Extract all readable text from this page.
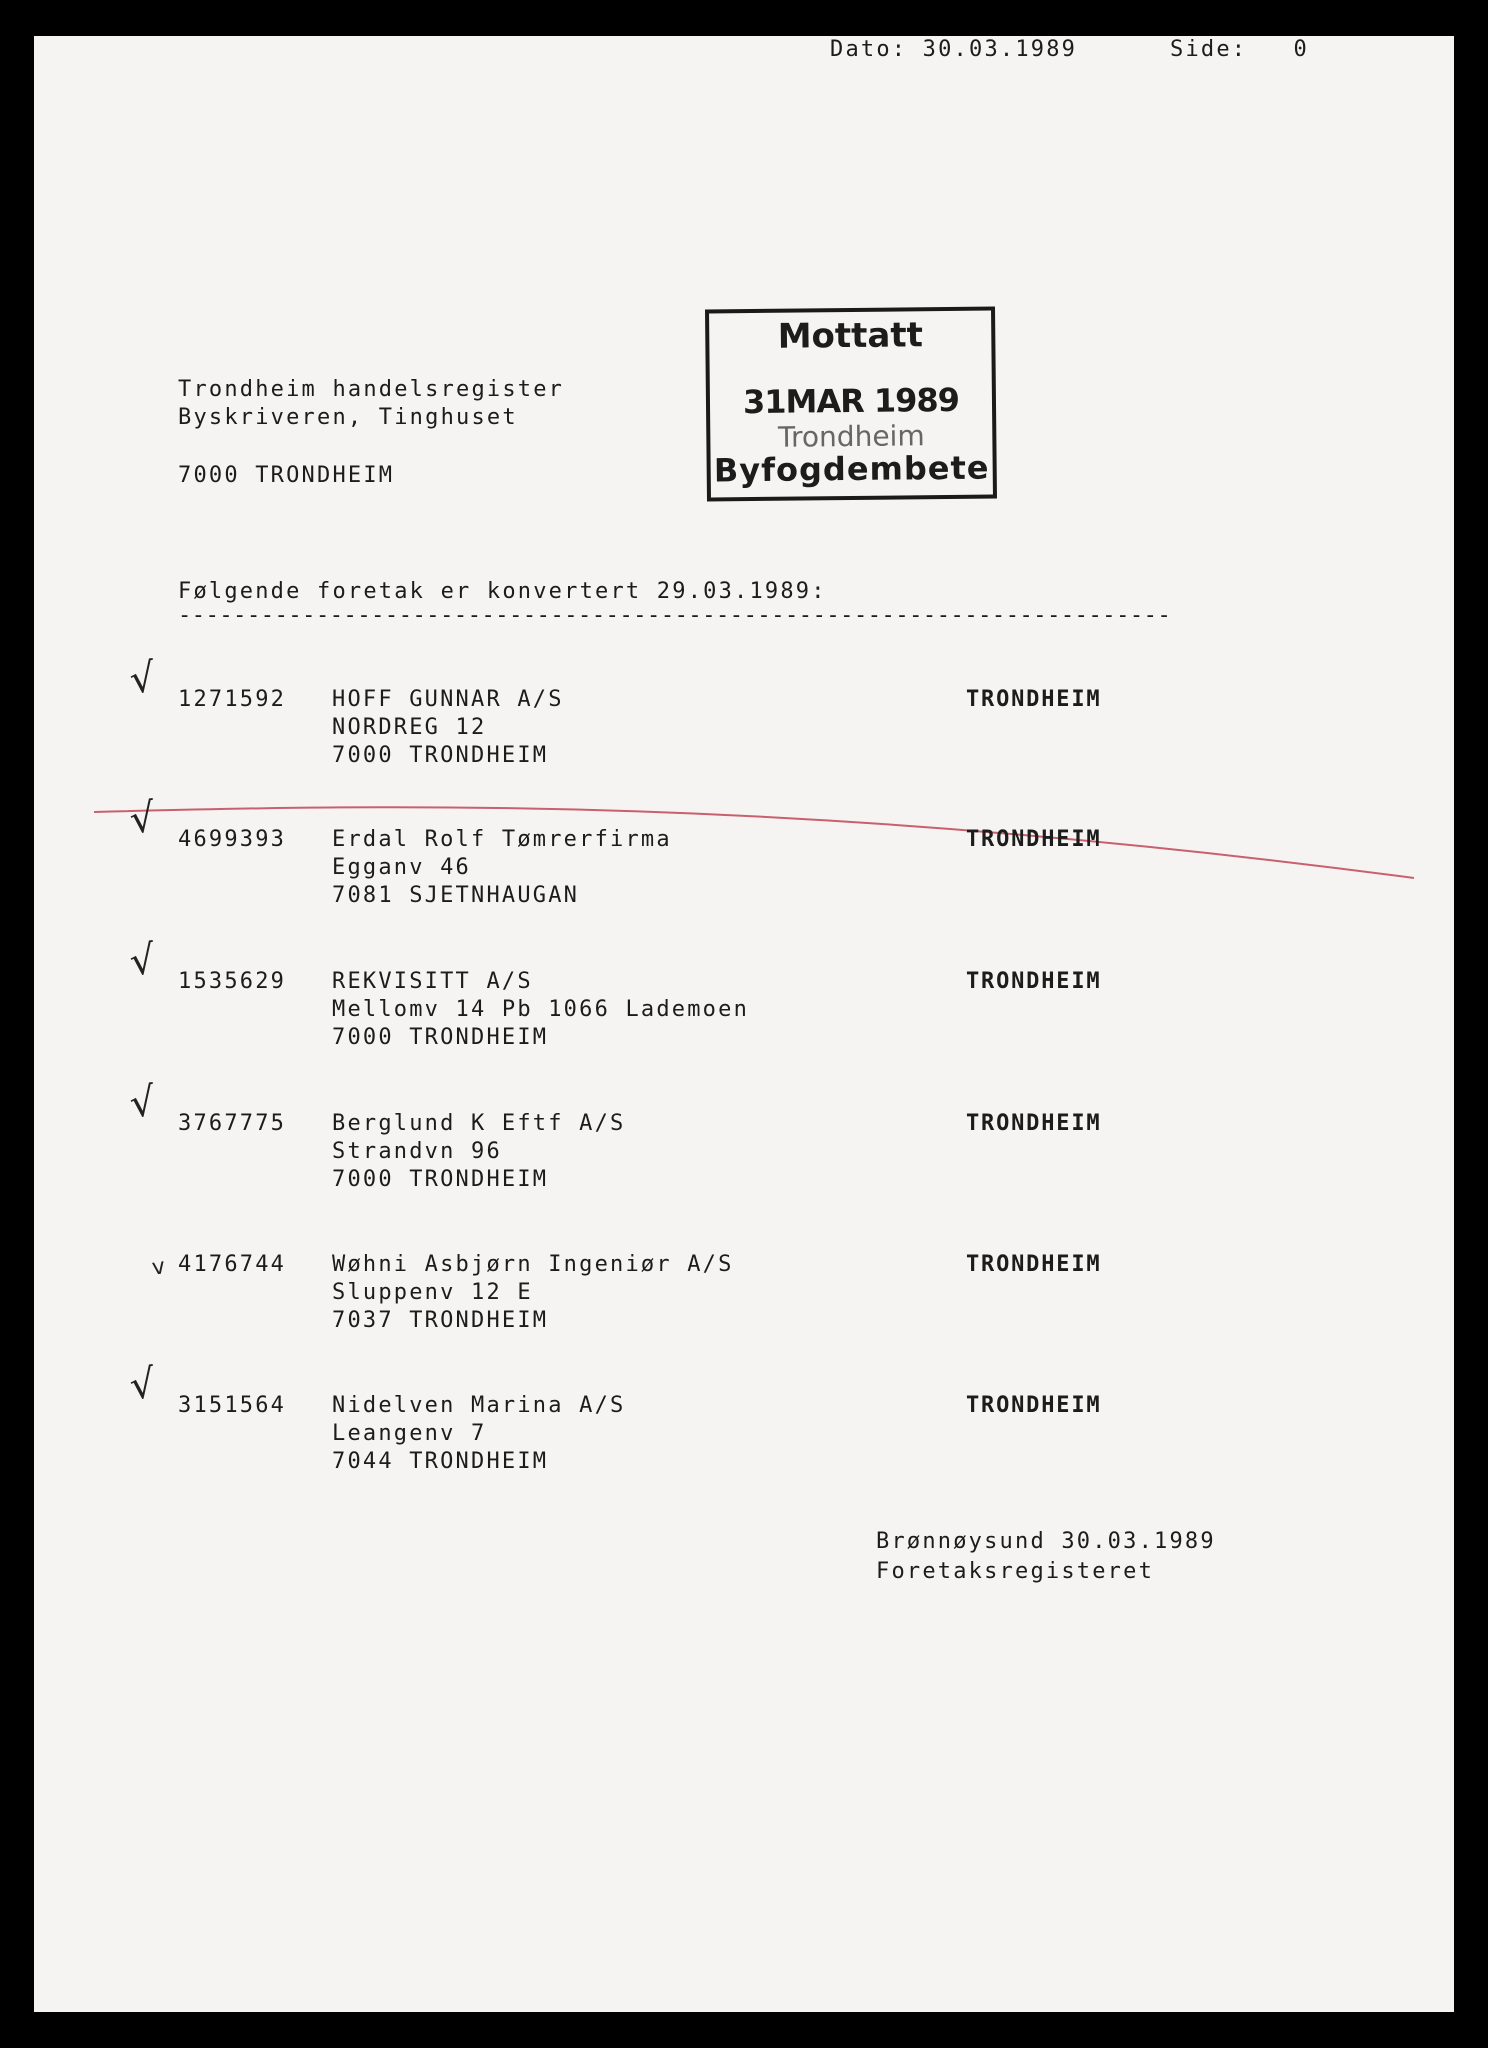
Dato: 30.03.1989	Side:   0
Trondheim handelsregister
Byskriveren, Tinghuset
7000 TRONDHEIM
Mottatt
31MAR 1989
Trondheim
Byfogdembete
Følgende foretak er konvertert 29.03.1989:
------------------------------------------------------------------------
√ 1271592 HOFF GUNNAR A/S
NORDREG 12
7000 TRONDHEIM
TRONDHEIM
√ 4699393 Erdal Rolf Tømrerfirma
Egganv 46
7081 SJETNHAUGAN
TRONDHEIM
√ 1535629 REKVISITT A/S
Mellomv 14 Pb 1066 Lademoen
7000 TRONDHEIM
TRONDHEIM
√ 3767775 Berglund K Eftf A/S
Strandvn 96
7000 TRONDHEIM
TRONDHEIM
v 4176744 Wøhni Asbjørn Ingeniør A/S
Sluppenv 12 E
7037 TRONDHEIM
TRONDHEIM
√ 3151564 Nidelven Marina A/S
Leangenv 7
7044 TRONDHEIM
TRONDHEIM
Brønnøysund 30.03.1989
Foretaksregisteret
